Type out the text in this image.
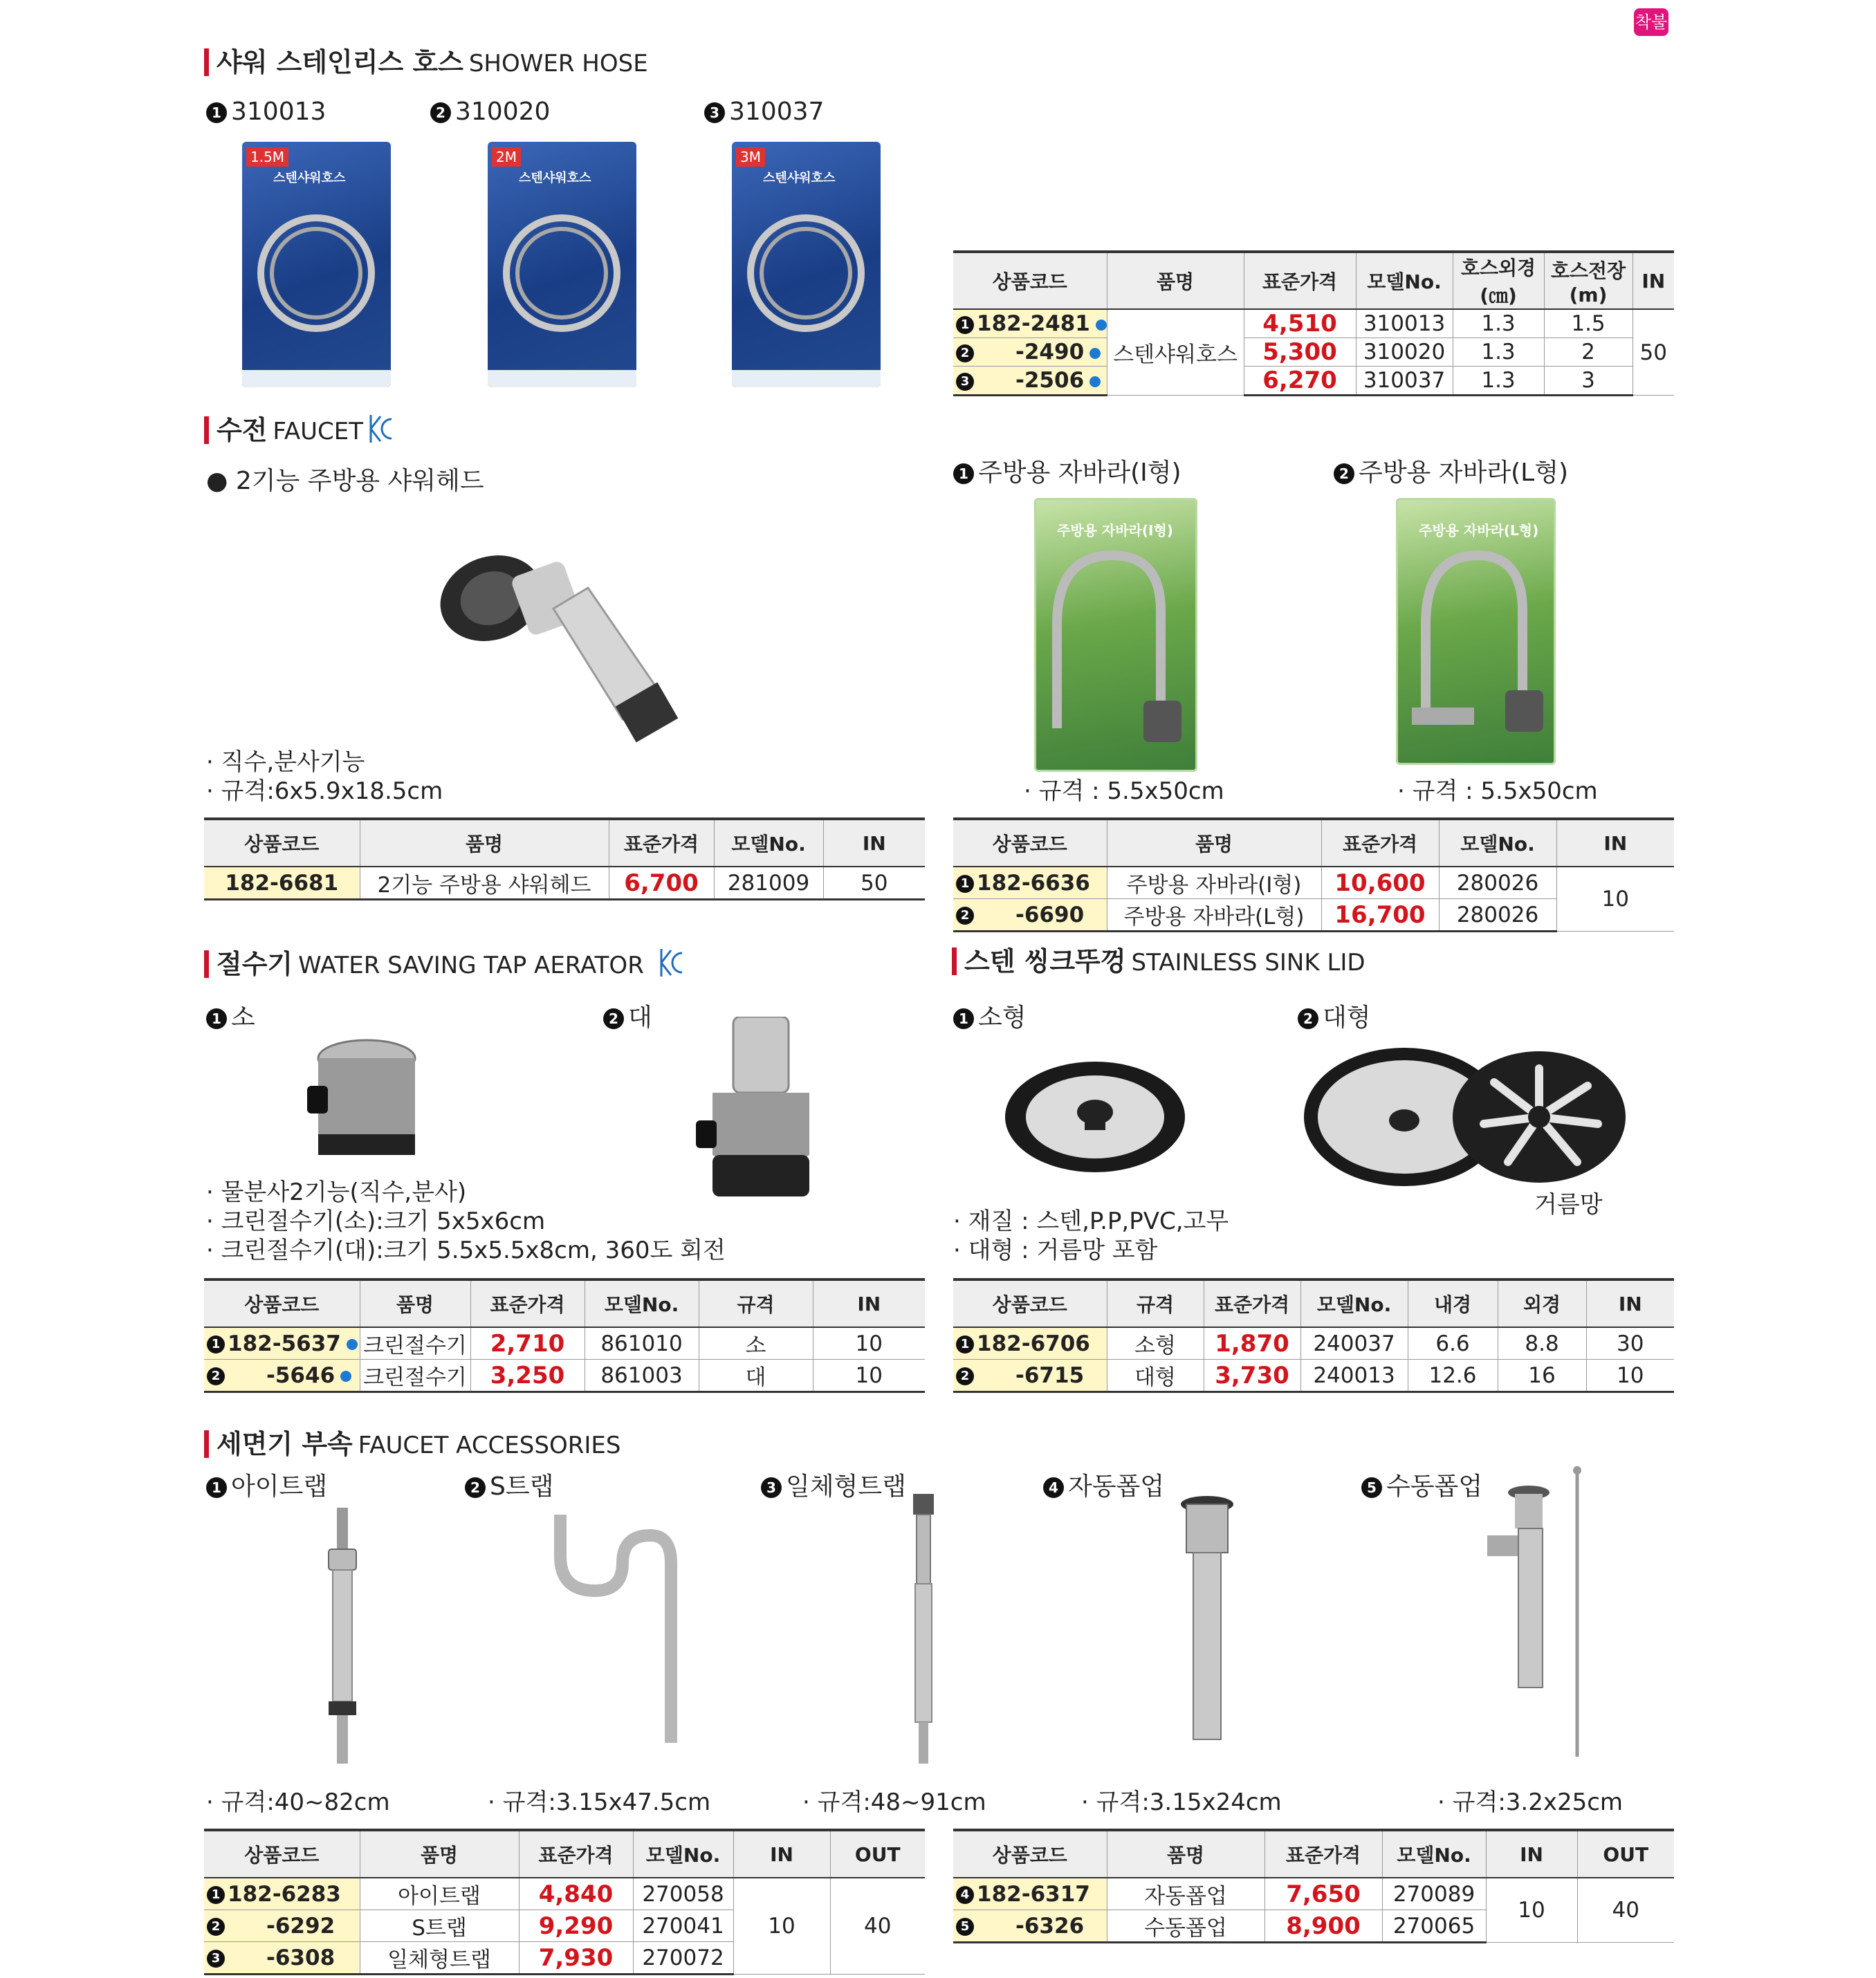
착불
샤워 스테인리스 호스 SHOWER HOSE
1 310013	2 310020	3 310037
1.5M
스텐샤워호스
2M
스텐샤워호스
3M
스텐샤워호스
상품코드	품명	표준가격	모델No.	호스외경 (㎝)	호스전장 (m)	IN
1 182-2481	스텐샤워호스	4,510	310013	1.3	1.5	50
2 -2490		5,300	310020	1.3	2	
3 -2506		6,270	310037	1.3	3	
수전 FAUCET
● 2기능 주방용 샤워헤드
· 직수,분사기능
· 규격:6x5.9x18.5cm
상품코드	품명	표준가격	모델No.	IN
182-6681	2기능 주방용 샤워헤드	6,700	281009	50
1 주방용 자바라(I형)	2 주방용 자바라(L형)
주방용 자바라(I형)	주방용 자바라(L형)
· 규격 : 5.5x50cm	· 규격 : 5.5x50cm
상품코드	품명	표준가격	모델No.	IN
1 182-6636	주방용 자바라(I형)	10,600	280026	10
2 -6690	주방용 자바라(L형)	16,700	280026	
절수기 WATER SAVING TAP AERATOR
1 소	2 대
· 물분사2기능(직수,분사)
· 크린절수기(소):크기 5x5x6cm
· 크린절수기(대):크기 5.5x5.5x8cm, 360도 회전
상품코드	품명	표준가격	모델No.	규격	IN
1 182-5637	크린절수기	2,710	861010	소	10
2 -5646	크린절수기	3,250	861003	대	10
스텐 씽크뚜껑 STAINLESS SINK LID
1 소형	2 대형
거름망
· 재질 : 스텐,P.P,PVC,고무
· 대형 : 거름망 포함
상품코드	규격	표준가격	모델No.	내경	외경	IN
1 182-6706	소형	1,870	240037	6.6	8.8	30
2 -6715	대형	3,730	240013	12.6	16	10
세면기 부속 FAUCET ACCESSORIES
1 아이트랩	2 S트랩	3 일체형트랩	4 자동폽업	5 수동폽업
· 규격:40~82cm	· 규격:3.15x47.5cm	· 규격:48~91cm	· 규격:3.15x24cm	· 규격:3.2x25cm
상품코드	품명	표준가격	모델No.	IN	OUT
1 182-6283	아이트랩	4,840	270058	10	40
2 -6292	S트랩	9,290	270041		
3 -6308	일체형트랩	7,930	270072		
상품코드	품명	표준가격	모델No.	IN	OUT
4 182-6317	자동폽업	7,650	270089	10	40
5 -6326	수동폽업	8,900	270065		
